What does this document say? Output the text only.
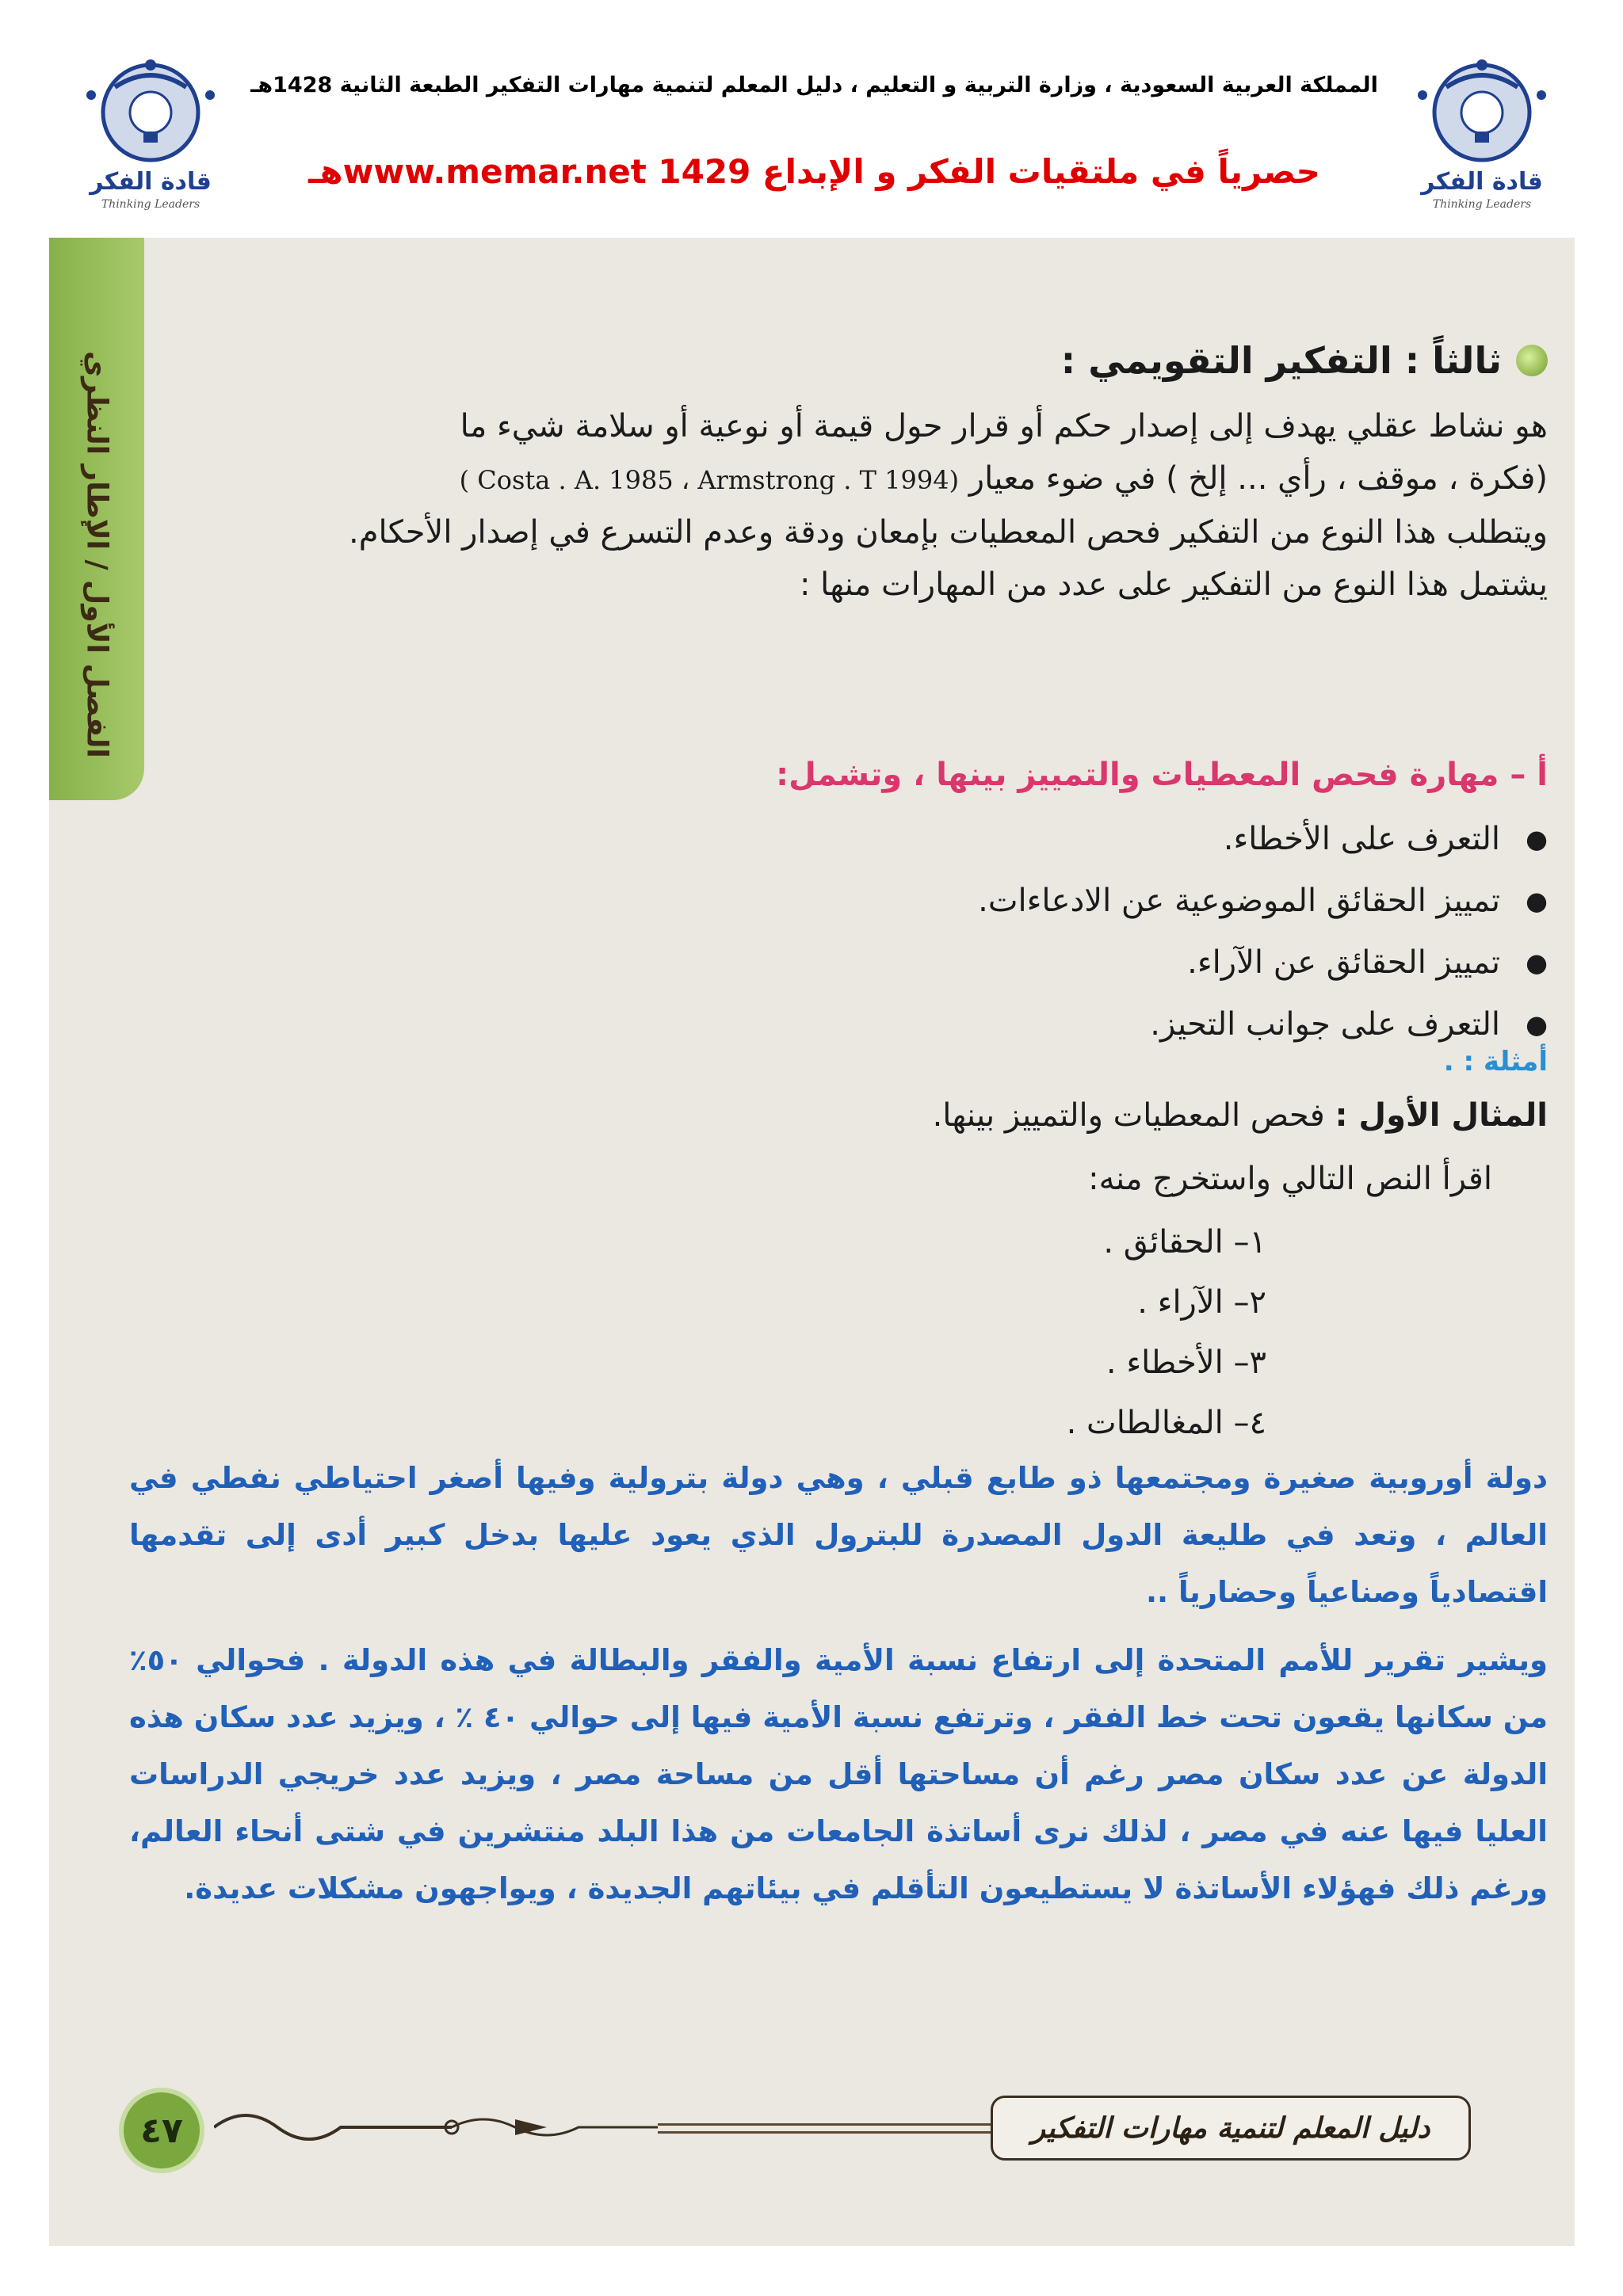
قادة الفكر
Thinking Leaders
قادة الفكر
Thinking Leaders
المملكة العربية السعودية ، وزارة التربية و التعليم ، دليل المعلم لتنمية مهارات التفكير الطبعة الثانية 1428هـ
حصرياً في ملتقيات الفكر و الإبداع www.memar.net 1429هـ
الفصل الأول / الإطار النظري	ثالثاً : التفكير التقويمي :
هو نشاط عقلي يهدف إلى إصدار حكم أو قرار حول قيمة أو نوعية أو سلامة شيء ما
(فكرة ، موقف ، رأي ... إلخ ) في ضوء معيار (Costa . A. 1985 ، Armstrong . T 1994 )
ويتطلب هذا النوع من التفكير فحص المعطيات بإمعان ودقة وعدم التسرع في إصدار الأحكام.
يشتمل هذا النوع من التفكير على عدد من المهارات منها :
أ – مهارة فحص المعطيات والتمييز بينها ، وتشمل:
● التعرف على الأخطاء.
● تمييز الحقائق الموضوعية عن الادعاءات.
● تمييز الحقائق عن الآراء.
● التعرف على جوانب التحيز.
أمثلة : .
المثال الأول : فحص المعطيات والتمييز بينها.
اقرأ النص التالي واستخرج منه:
١– الحقائق .
٢– الآراء .
٣– الأخطاء .
٤– المغالطات .
دولة أوروبية صغيرة ومجتمعها ذو طابع قبلي ، وهي دولة بترولية وفيها أصغر احتياطي نفطي في العالم ، وتعد في طليعة الدول المصدرة للبترول الذي يعود عليها بدخل كبير أدى إلى تقدمها اقتصادياً وصناعياً وحضارياً ..
ويشير تقرير للأمم المتحدة إلى ارتفاع نسبة الأمية والفقر والبطالة في هذه الدولة . فحوالي ٥٠٪ من سكانها يقعون تحت خط الفقر ، وترتفع نسبة الأمية فيها إلى حوالي ٤٠ ٪ ، ويزيد عدد سكان هذه الدولة عن عدد سكان مصر رغم أن مساحتها أقل من مساحة مصر ، ويزيد عدد خريجي الدراسات العليا فيها عنه في مصر ، لذلك نرى أساتذة الجامعات من هذا البلد منتشرين في شتى أنحاء العالم، ورغم ذلك فهؤلاء الأساتذة لا يستطيعون التأقلم في بيئاتهم الجديدة ، ويواجهون مشكلات عديدة.
دليل المعلم لتنمية مهارات التفكير
٤٧
